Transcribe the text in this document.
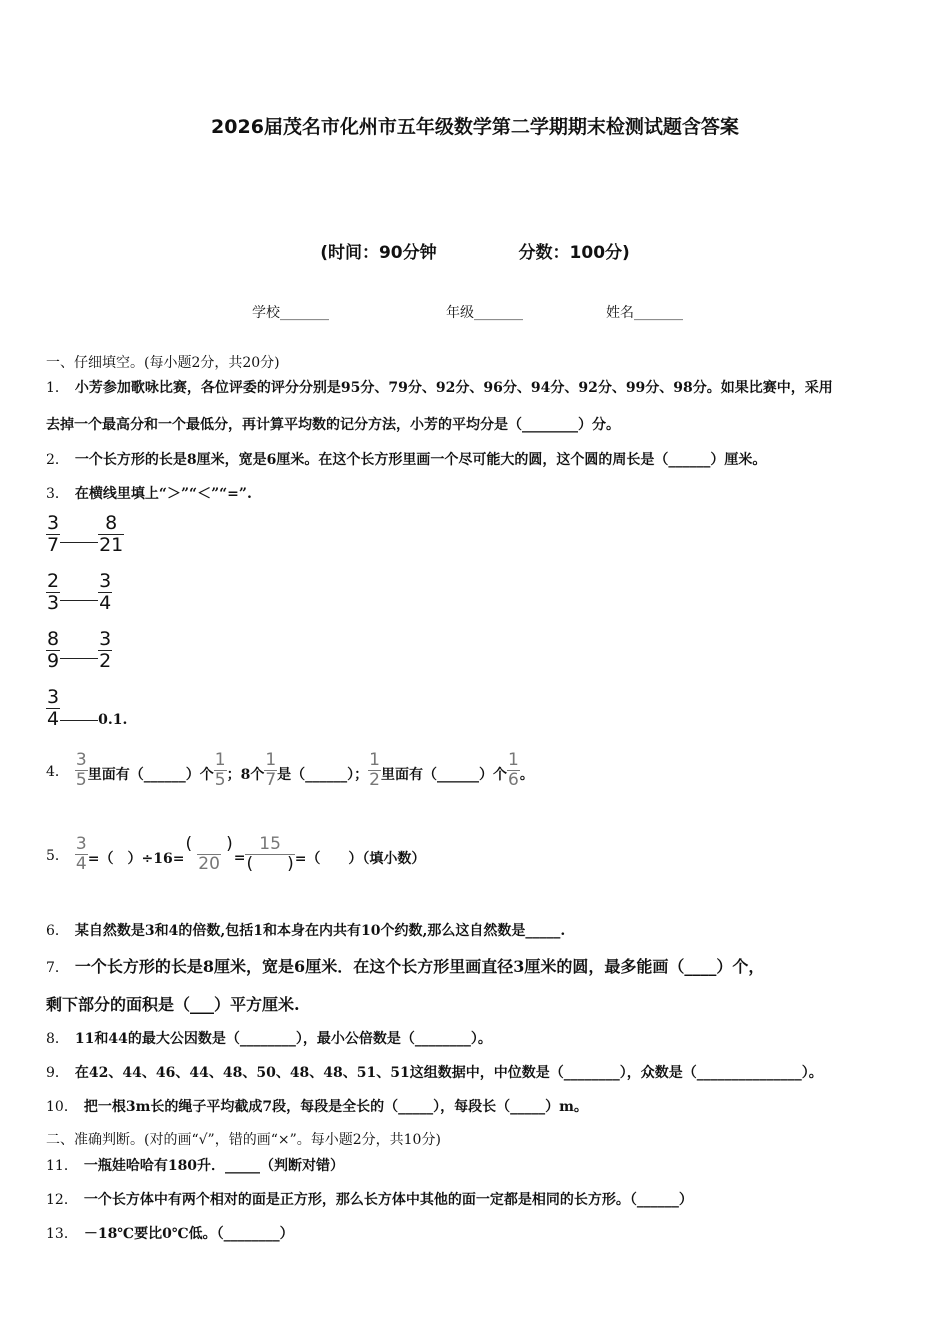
2026届茂名市化州市五年级数学第二学期期末检测试题含答案
(时间：90分钟	分数：100分)
学校_______	年级_______	姓名_______
一、仔细填空。(每小题2分，共20分)
1． 小芳参加歌咏比赛，各位评委的评分分别是95分、79分、92分、96分、94分、92分、99分、98分。如果比赛中，采用
去掉一个最高分和一个最低分，再计算平均数的记分方法，小芳的平均分是（________）分。
2． 一个长方形的长是8厘米，宽是6厘米。在这个长方形里画一个尽可能大的圆，这个圆的周长是（______）厘米。
3． 在横线里填上“＞”“＜”“=”.
$\frac{3}{7} \frac{8}{21}$
$\frac{2}{3} \frac{3}{4}$
$\frac{8}{9} \frac{3}{2}$
$\frac{3}{4}$	0.1.
4． $\frac{3}{5}$ 里面有（______）个 $\frac{1}{5}$ ；8个 $\frac{1}{7}$ 是（______）； $\frac{1}{2}$ 里面有（______）个 $\frac{1}{6}$ 。
5． $\frac{3}{4}$ =（　）$\div 16= \frac{( )}{20} = \frac{15}{( )}$ =（　　）（填小数）
6． 某自然数是3和4的倍数,包括1和本身在内共有10个约数,那么这自然数是_____.
7． 一个长方形的长是8厘米，宽是6厘米．在这个长方形里画直径3厘米的圆，最多能画（____）个，
剩下部分的面积是（___）平方厘米.
8． 11和44的最大公因数是（________），最小公倍数是（________）。
9． 在42、44、46、44、48、50、48、48、51、51这组数据中，中位数是（________），众数是（_______________）。
10． 把一根3m长的绳子平均截成7段，每段是全长的（_____），每段长（_____）m。
二、准确判断。(对的画“√”，错的画“×”。每小题2分，共10分)
11． 一瓶娃哈哈有180升．_____（判断对错）
12． 一个长方体中有两个相对的面是正方形，那么长方体中其他的面一定都是相同的长方形。（______）
13． －18℃要比0℃低。（________）
